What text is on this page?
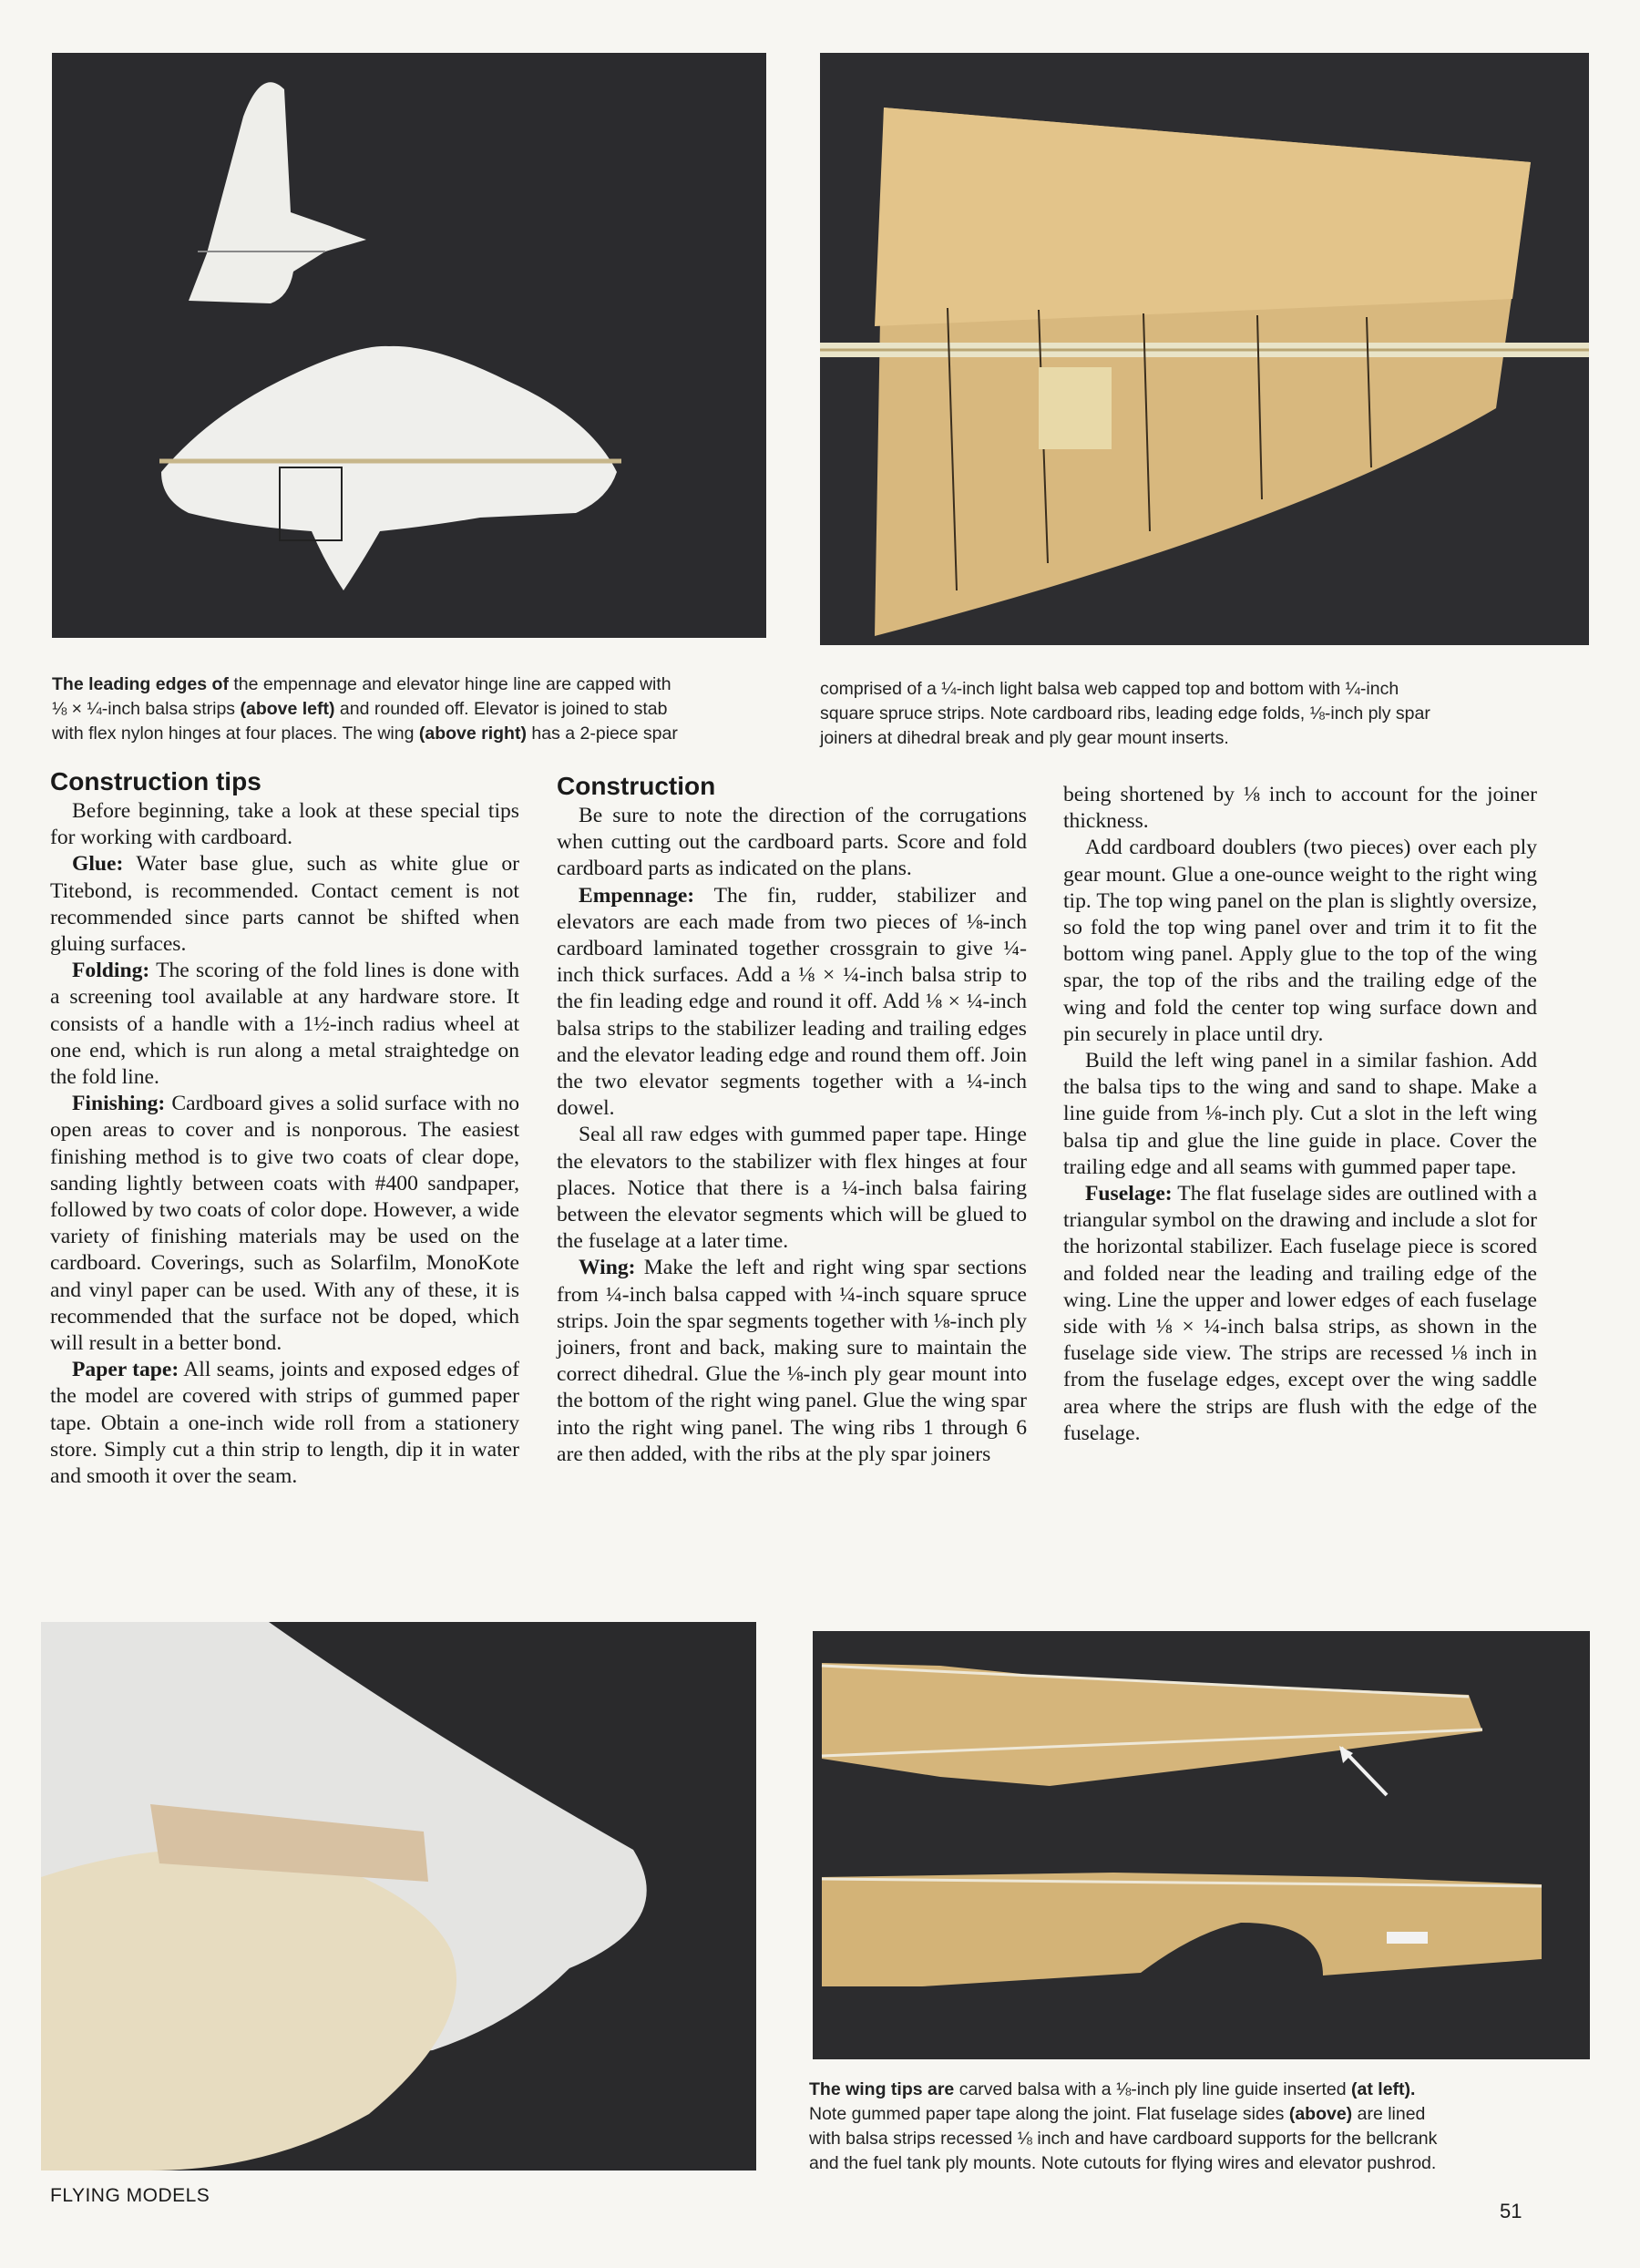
The leading edges of the empennage and elevator hinge line are capped with
⅛ × ¼-inch balsa strips (above left) and rounded off. Elevator is joined to stab
with flex nylon hinges at four places. The wing (above right) has a 2-piece spar
comprised of a ¼-inch light balsa web capped top and bottom with ¼-inch
square spruce strips. Note cardboard ribs, leading edge folds, ⅛-inch ply spar
joiners at dihedral break and ply gear mount inserts.
Construction tips

Before beginning, take a look at these special tips for working with cardboard.

Glue: Water base glue, such as white glue or Titebond, is recommended. Contact cement is not recommended since parts cannot be shifted when gluing surfaces.

Folding: The scoring of the fold lines is done with a screening tool available at any hardware store. It consists of a handle with a 1½-inch radius wheel at one end, which is run along a metal straightedge on the fold line.

Finishing: Cardboard gives a solid surface with no open areas to cover and is nonporous. The easiest finishing method is to give two coats of clear dope, sanding lightly between coats with #400 sandpaper, followed by two coats of color dope. However, a wide variety of finishing materials may be used on the cardboard. Coverings, such as Solarfilm, MonoKote and vinyl paper can be used. With any of these, it is recommended that the surface not be doped, which will result in a better bond.

Paper tape: All seams, joints and exposed edges of the model are covered with strips of gummed paper tape. Obtain a one-inch wide roll from a stationery store. Simply cut a thin strip to length, dip it in water and smooth it over the seam.

Construction

Be sure to note the direction of the corrugations when cutting out the cardboard parts. Score and fold cardboard parts as indicated on the plans.

Empennage: The fin, rudder, stabilizer and elevators are each made from two pieces of ⅛-inch cardboard laminated together crossgrain to give ¼-inch thick surfaces. Add a ⅛ × ¼-inch balsa strip to the fin leading edge and round it off. Add ⅛ × ¼-inch balsa strips to the stabilizer leading and trailing edges and the elevator leading edge and round them off. Join the two elevator segments together with a ¼-inch dowel.

Seal all raw edges with gummed paper tape. Hinge the elevators to the stabilizer with flex hinges at four places. Notice that there is a ¼-inch balsa fairing between the elevator segments which will be glued to the fuselage at a later time.

Wing: Make the left and right wing spar sections from ¼-inch balsa capped with ¼-inch square spruce strips. Join the spar segments together with ⅛-inch ply joiners, front and back, making sure to maintain the correct dihedral. Glue the ⅛-inch ply gear mount into the bottom of the right wing panel. Glue the wing spar into the right wing panel. The wing ribs 1 through 6 are then added, with the ribs at the ply spar joiners

being shortened by ⅛ inch to account for the joiner thickness.

Add cardboard doublers (two pieces) over each ply gear mount. Glue a one-ounce weight to the right wing tip. The top wing panel on the plan is slightly oversize, so fold the top wing panel over and trim it to fit the bottom wing panel. Apply glue to the top of the wing spar, the top of the ribs and the trailing edge of the wing and fold the center top wing surface down and pin securely in place until dry.

Build the left wing panel in a similar fashion. Add the balsa tips to the wing and sand to shape. Make a line guide from ⅛-inch ply. Cut a slot in the left wing balsa tip and glue the line guide in place. Cover the trailing edge and all seams with gummed paper tape.

Fuselage: The flat fuselage sides are outlined with a triangular symbol on the drawing and include a slot for the horizontal stabilizer. Each fuselage piece is scored and folded near the leading and trailing edge of the wing. Line the upper and lower edges of each fuselage side with ⅛ × ¼-inch balsa strips, as shown in the fuselage side view. The strips are recessed ⅛ inch in from the fuselage edges, except over the wing saddle area where the strips are flush with the edge of the fuselage.

The wing tips are carved balsa with a ⅛-inch ply line guide inserted (at left).
Note gummed paper tape along the joint. Flat fuselage sides (above) are lined
with balsa strips recessed ⅛ inch and have cardboard supports for the bellcrank
and the fuel tank ply mounts. Note cutouts for flying wires and elevator pushrod.
FLYING MODELS
51
